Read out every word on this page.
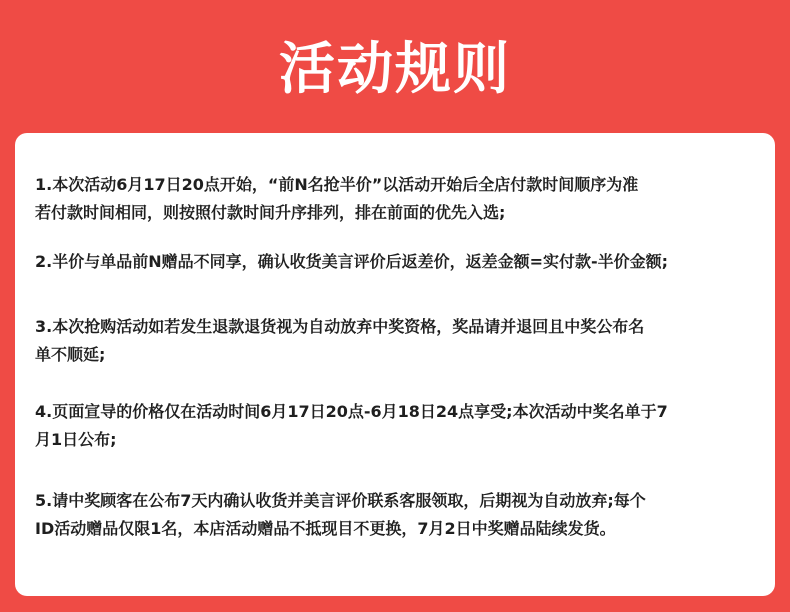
活动规则
1.本次活动6月17日20点开始，“前N名抢半价”以活动开始后全店付款时间顺序为准
若付款时间相同，则按照付款时间升序排列，排在前面的优先入选;
2.半价与单品前N赠品不同享，确认收货美言评价后返差价，返差金额=实付款-半价金额;
3.本次抢购活动如若发生退款退货视为自动放弃中奖资格，奖品请并退回且中奖公布名
单不顺延;
4.页面宣导的价格仅在活动时间6月17日20点-6月18日24点享受;本次活动中奖名单于7
月1日公布;
5.请中奖顾客在公布7天内确认收货并美言评价联系客服领取，后期视为自动放弃;每个
ID活动赠品仅限1名，本店活动赠品不抵现目不更换，7月2日中奖赠品陆续发货。
